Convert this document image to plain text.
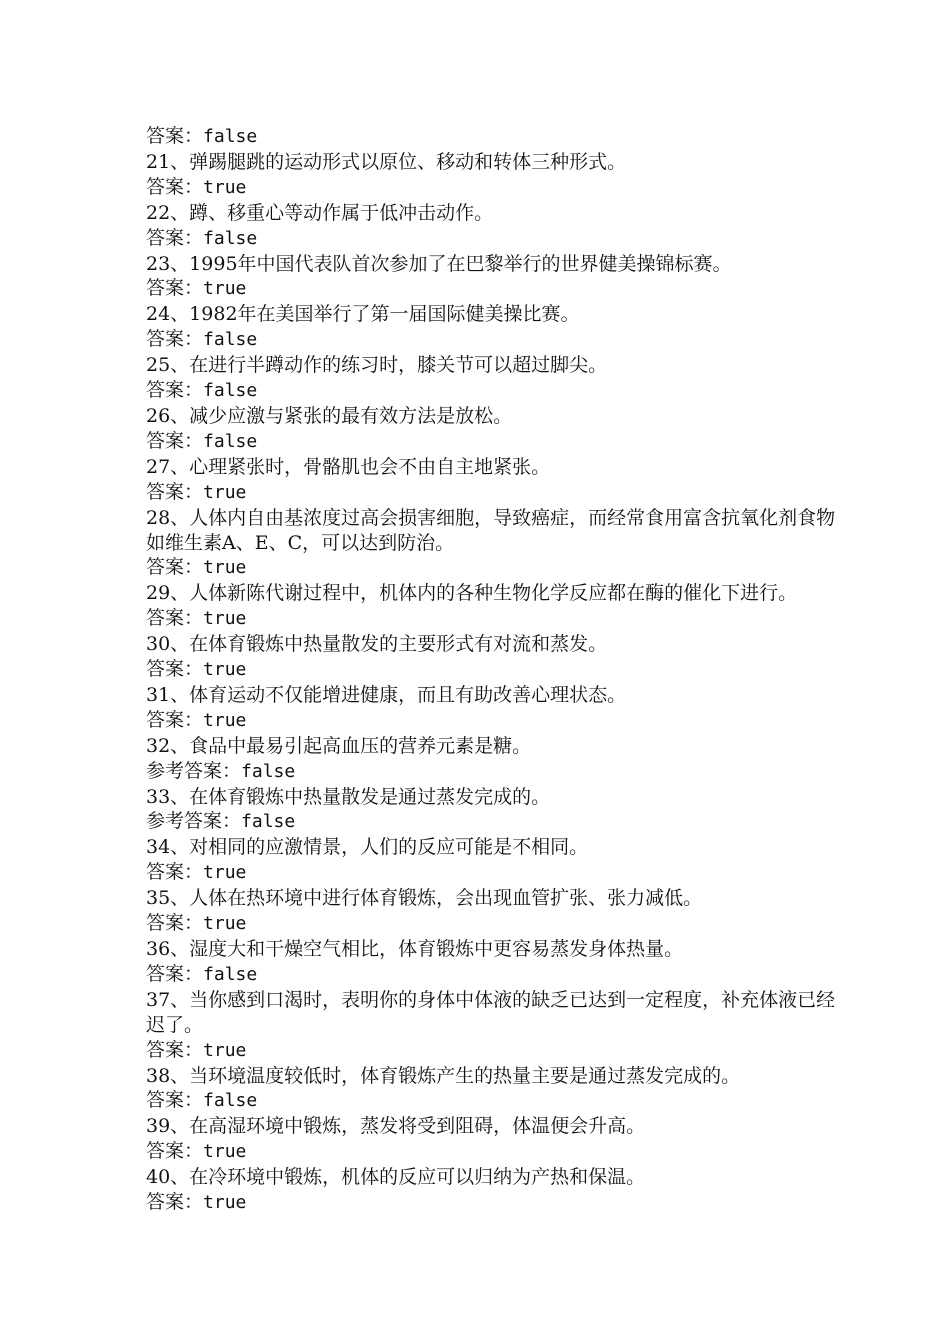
答案：false
21、弹踢腿跳的运动形式以原位、移动和转体三种形式。
答案：true
22、蹲、移重心等动作属于低冲击动作。
答案：false
23、1995年中国代表队首次参加了在巴黎举行的世界健美操锦标赛。
答案：true
24、1982年在美国举行了第一届国际健美操比赛。
答案：false
25、在进行半蹲动作的练习时，膝关节可以超过脚尖。
答案：false
26、减少应激与紧张的最有效方法是放松。
答案：false
27、心理紧张时，骨骼肌也会不由自主地紧张。
答案：true
28、人体内自由基浓度过高会损害细胞，导致癌症，而经常食用富含抗氧化剂食物如维生素A、E、C，可以达到防治。
答案：true
29、人体新陈代谢过程中，机体内的各种生物化学反应都在酶的催化下进行。
答案：true
30、在体育锻炼中热量散发的主要形式有对流和蒸发。
答案：true
31、体育运动不仅能增进健康，而且有助改善心理状态。
答案：true
32、食品中最易引起高血压的营养元素是糖。
参考答案：false
33、在体育锻炼中热量散发是通过蒸发完成的。
参考答案：false
34、对相同的应激情景，人们的反应可能是不相同。
答案：true
35、人体在热环境中进行体育锻炼，会出现血管扩张、张力减低。
答案：true
36、湿度大和干燥空气相比，体育锻炼中更容易蒸发身体热量。
答案：false
37、当你感到口渴时，表明你的身体中体液的缺乏已达到一定程度，补充体液已经迟了。
答案：true
38、当环境温度较低时，体育锻炼产生的热量主要是通过蒸发完成的。
答案：false
39、在高湿环境中锻炼，蒸发将受到阻碍，体温便会升高。
答案：true
40、在冷环境中锻炼，机体的反应可以归纳为产热和保温。
答案：true
